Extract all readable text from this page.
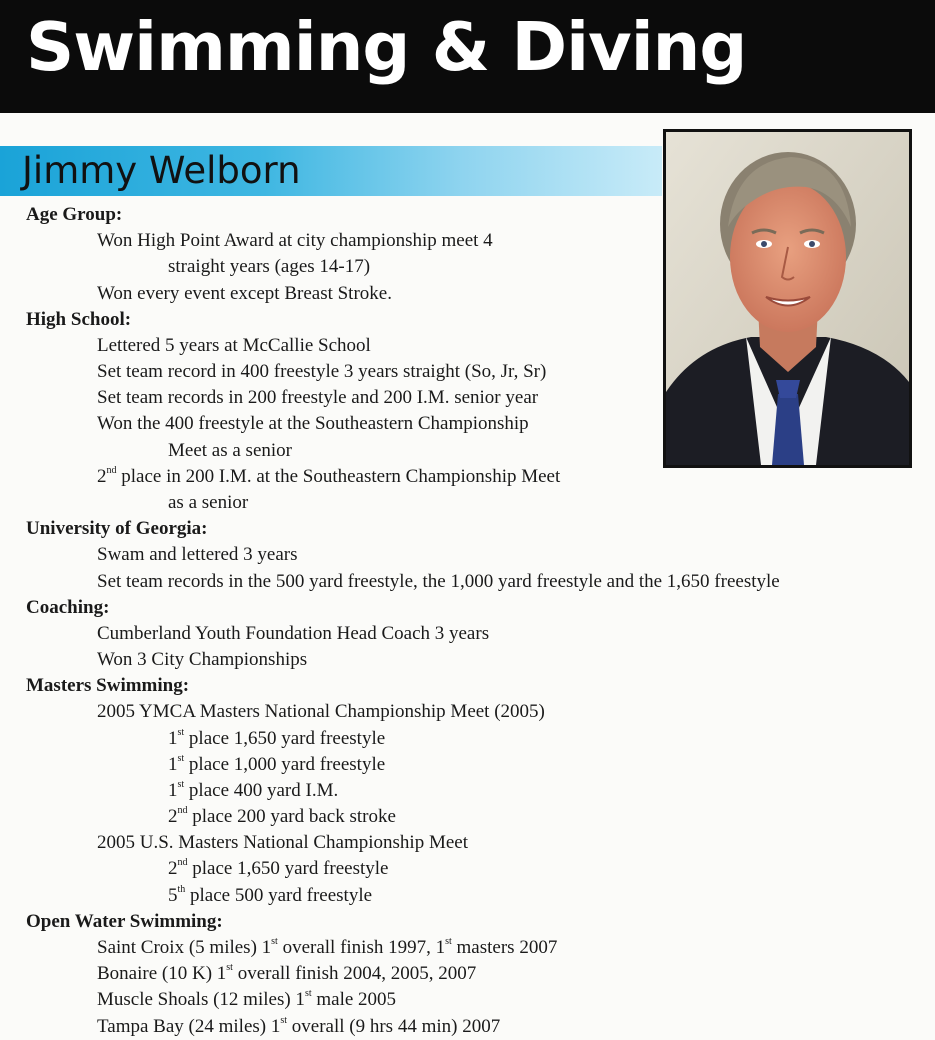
Swimming & Diving
Jimmy Welborn
Age Group:
Won High Point Award at city championship meet 4
straight years (ages 14-17)
Won every event except Breast Stroke.
High School:
Lettered 5 years at McCallie School
Set team record in 400 freestyle 3 years straight (So, Jr, Sr)
Set team records in 200 freestyle and 200 I.M. senior year
Won the 400 freestyle at the Southeastern Championship
Meet as a senior
2nd place in 200 I.M. at the Southeastern Championship Meet
as a senior
University of Georgia:
Swam and lettered 3 years
Set team records in the 500 yard freestyle, the 1,000 yard freestyle and the 1,650 freestyle
Coaching:
Cumberland Youth Foundation Head Coach 3 years
Won 3 City Championships
Masters Swimming:
2005 YMCA Masters National Championship Meet (2005)
1st place 1,650 yard freestyle
1st place 1,000 yard freestyle
1st place 400 yard I.M.
2nd place 200 yard back stroke
2005 U.S. Masters National Championship Meet
2nd place 1,650 yard freestyle
5th place 500 yard freestyle
Open Water Swimming:
Saint Croix (5 miles) 1st overall finish 1997, 1st masters 2007
Bonaire (10 K) 1st overall finish 2004, 2005, 2007
Muscle Shoals (12 miles) 1st male 2005
Tampa Bay (24 miles) 1st overall (9 hrs 44 min) 2007
